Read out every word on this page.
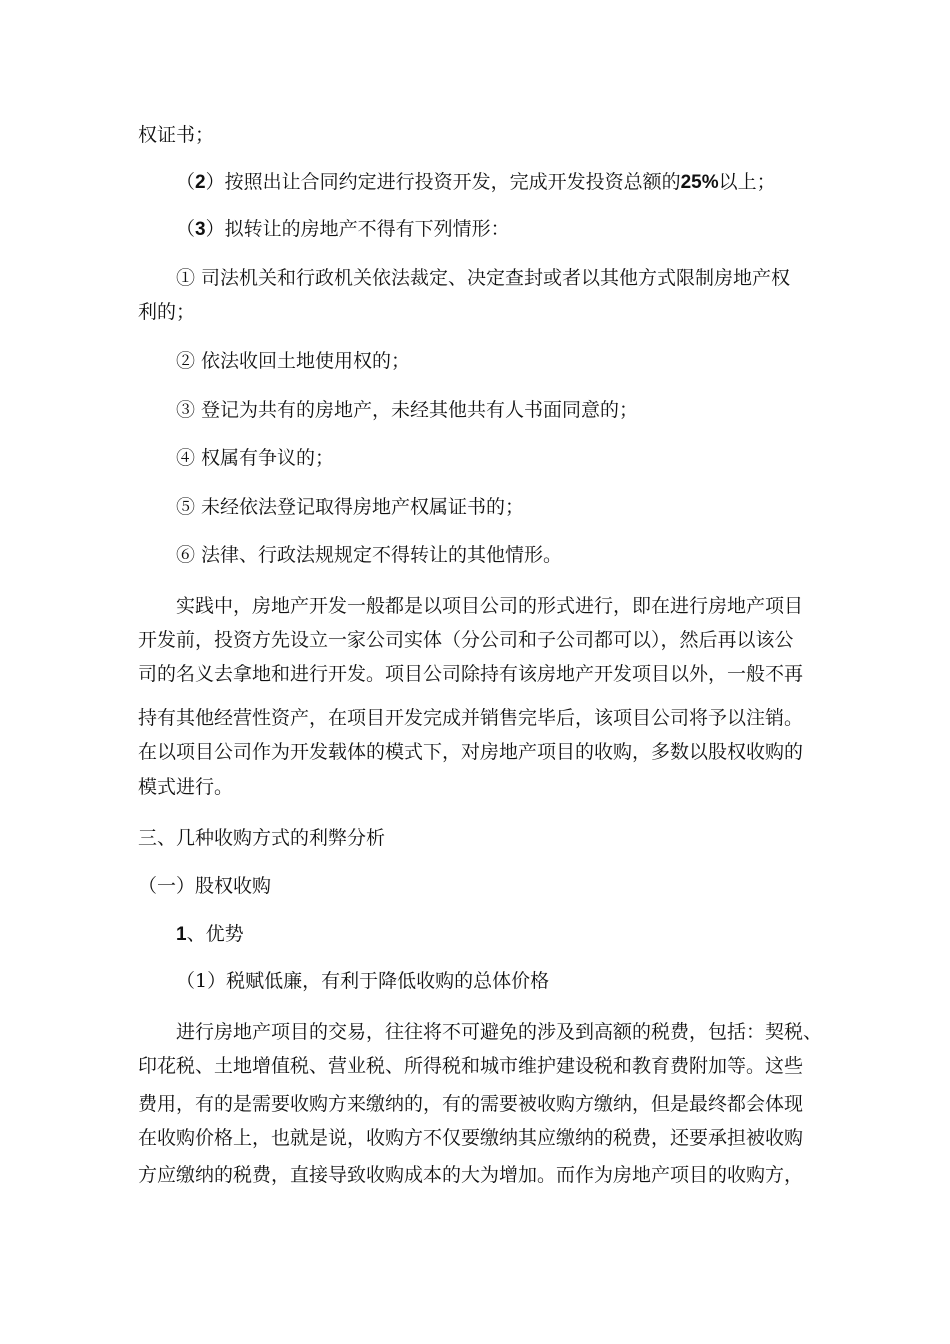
权证书；
（2）按照出让合同约定进行投资开发，完成开发投资总额的25%以上；
（3）拟转让的房地产不得有下列情形：
① 司法机关和行政机关依法裁定、决定查封或者以其他方式限制房地产权
利的；
② 依法收回土地使用权的；
③ 登记为共有的房地产，未经其他共有人书面同意的；
④ 权属有争议的；
⑤ 未经依法登记取得房地产权属证书的；
⑥ 法律、行政法规规定不得转让的其他情形。
实践中，房地产开发一般都是以项目公司的形式进行，即在进行房地产项目
开发前，投资方先设立一家公司实体（分公司和子公司都可以），然后再以该公
司的名义去拿地和进行开发。项目公司除持有该房地产开发项目以外，一般不再
持有其他经营性资产，在项目开发完成并销售完毕后，该项目公司将予以注销。
在以项目公司作为开发载体的模式下，对房地产项目的收购，多数以股权收购的
模式进行。
三、几种收购方式的利弊分析
（一）股权收购
1、优势
（1）税赋低廉，有利于降低收购的总体价格
进行房地产项目的交易，往往将不可避免的涉及到高额的税费，包括：契税、
印花税、土地增值税、营业税、所得税和城市维护建设税和教育费附加等。这些
费用，有的是需要收购方来缴纳的，有的需要被收购方缴纳，但是最终都会体现
在收购价格上，也就是说，收购方不仅要缴纳其应缴纳的税费，还要承担被收购
方应缴纳的税费，直接导致收购成本的大为增加。而作为房地产项目的收购方，
